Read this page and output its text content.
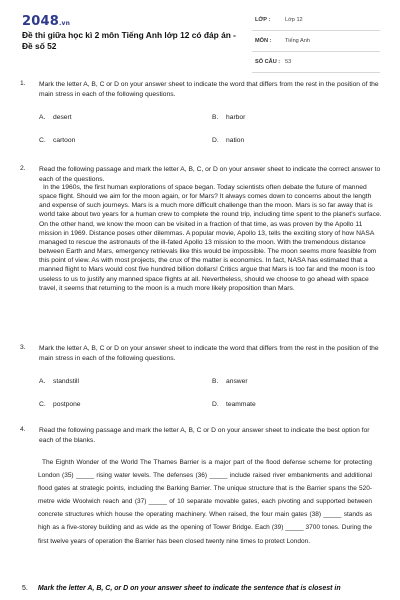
2048.vn
Đề thi giữa học kì 2 môn Tiếng Anh lớp 12 có đáp án - Đề số 52
LỚP :	Lớp 12
MÔN : Tiếng Anh
SỐ CÂU : 53
1. Mark the letter A, B, C or D on your answer sheet to indicate the word that differs from the rest in the position of the main stress in each of the following questions.
A. desert	B. harbor
C. cartoon	D. nation
2. Read the following passage and mark the letter A, B, C, or D on your answer sheet to indicate the correct answer to each of the questions.
In the 1960s, the first human explorations of space began. Today scientists often debate the future of manned space flight. Should we aim for the moon again, or for Mars? It always comes down to concerns about the length and expense of such journeys. Mars is a much more difficult challenge than the moon. Mars is so far away that is world take about two years for a human crew to complete the round trip, including time spent to the planet's surface. On the other hand, we know the moon can be visited in a fraction of that time, as was proven by the Apollo 11 mission in 1969. Distance poses other dilemmas. A popular movie, Apollo 13, tells the exciting story of how NASA managed to rescue the astronauts of the ill-fated Apollo 13 mission to the moon. With the tremendous distance between Earth and Mars, emergency retrievals like this would be impossible. The moon seems more feasible from this point of view. As with most projects, the crux of the matter is economics. In fact, NASA has estimated that a manned flight to Mars would cost five hundred billion dollars! Critics argue that Mars is too far and the moon is too useless to us to justify any manned space flights at all. Nevertheless, should we choose to go ahead with space travel, it seems that returning to the moon is a much more likely proposition than Mars.
3. Mark the letter A, B, C or D on your answer sheet to indicate the word that differs from the rest in the position of the main stress in each of the following questions.
A. standstill	B. answer
C. postpone	D. teammate
4. Read the following passage and mark the letter A, B, C or D on your answer sheet to indicate the best option for each of the blanks.
The Eighth Wonder of the World The Thames Barrier is a major part of the flood defense scheme for protecting London (35) _____ rising water levels. The defenses (36) _____ include raised river embankments and additional flood gates at strategic points, including the Barking Barrier. The unique structure that is the Barrier spans the 520- metre wide Woolwich reach and (37) _____ of 10 separate movable gates, each pivoting and supported between concrete structures which house the operating machinery. When raised, the four main gates (38) _____ stands as high as a five-storey building and as wide as the opening of Tower Bridge. Each (39) _____ 3700 tones. During the first twelve years of operation the Barrier has been closed twenty nine times to protect London.
5. Mark the letter A, B, C, or D on your answer sheet to indicate the sentence that is closest in
